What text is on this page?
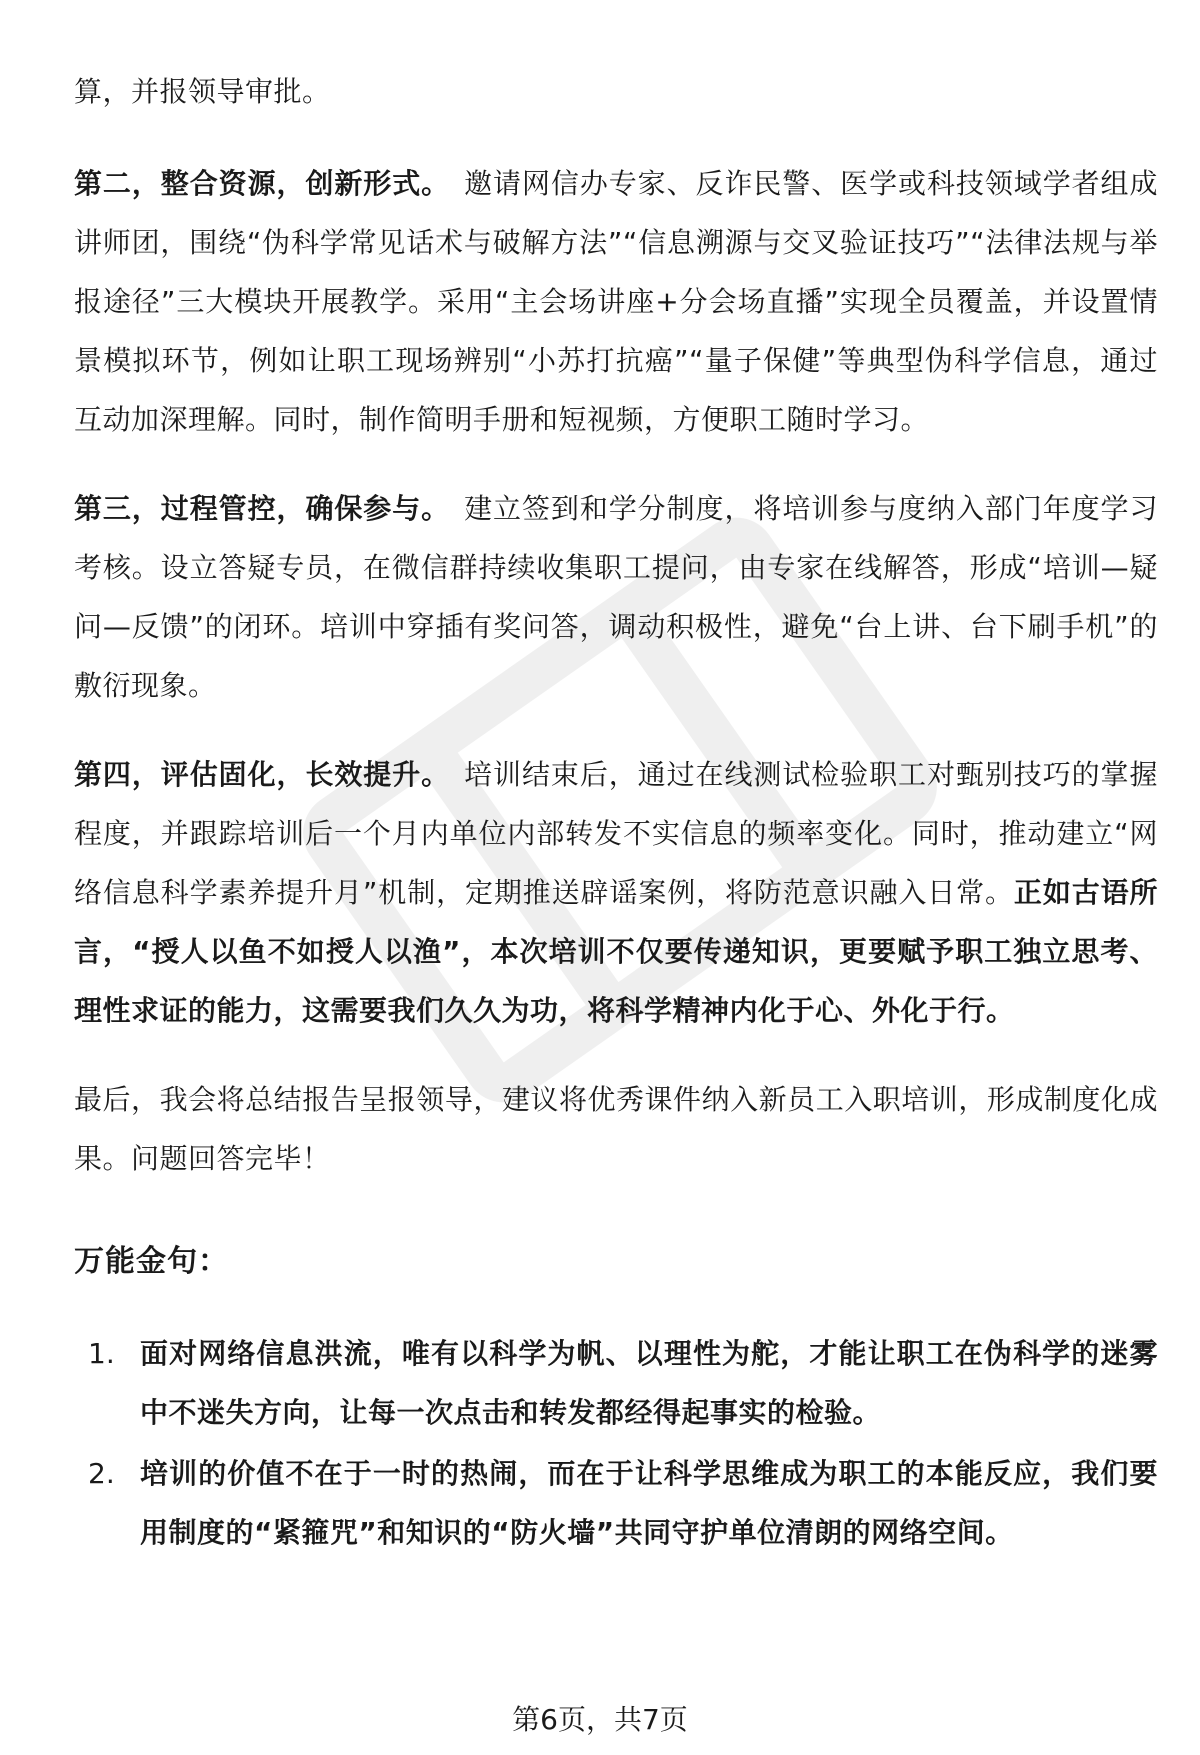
算，并报领导审批。

第二，整合资源，创新形式。 邀请网信办专家、反诈民警、医学或科技领域学者组成讲师团，围绕“伪科学常见话术与破解方法”“信息溯源与交叉验证技巧”“法律法规与举报途径”三大模块开展教学。采用“主会场讲座+分会场直播”实现全员覆盖，并设置情景模拟环节，例如让职工现场辨别“小苏打抗癌”“量子保健”等典型伪科学信息，通过互动加深理解。同时，制作简明手册和短视频，方便职工随时学习。

第三，过程管控，确保参与。 建立签到和学分制度，将培训参与度纳入部门年度学习考核。设立答疑专员，在微信群持续收集职工提问，由专家在线解答，形成“培训—疑问—反馈”的闭环。培训中穿插有奖问答，调动积极性，避免“台上讲、台下刷手机”的敷衍现象。

第四，评估固化，长效提升。 培训结束后，通过在线测试检验职工对甄别技巧的掌握程度，并跟踪培训后一个月内单位内部转发不实信息的频率变化。同时，推动建立“网络信息科学素养提升月”机制，定期推送辟谣案例，将防范意识融入日常。正如古语所言，“授人以鱼不如授人以渔”，本次培训不仅要传递知识，更要赋予职工独立思考、理性求证的能力，这需要我们久久为功，将科学精神内化于心、外化于行。

最后，我会将总结报告呈报领导，建议将优秀课件纳入新员工入职培训，形成制度化成果。问题回答完毕！

万能金句：
1. 面对网络信息洪流，唯有以科学为帆、以理性为舵，才能让职工在伪科学的迷雾中不迷失方向，让每一次点击和转发都经得起事实的检验。
2. 培训的价值不在于一时的热闹，而在于让科学思维成为职工的本能反应，我们要用制度的“紧箍咒”和知识的“防火墙”共同守护单位清朗的网络空间。
第6页，共7页
